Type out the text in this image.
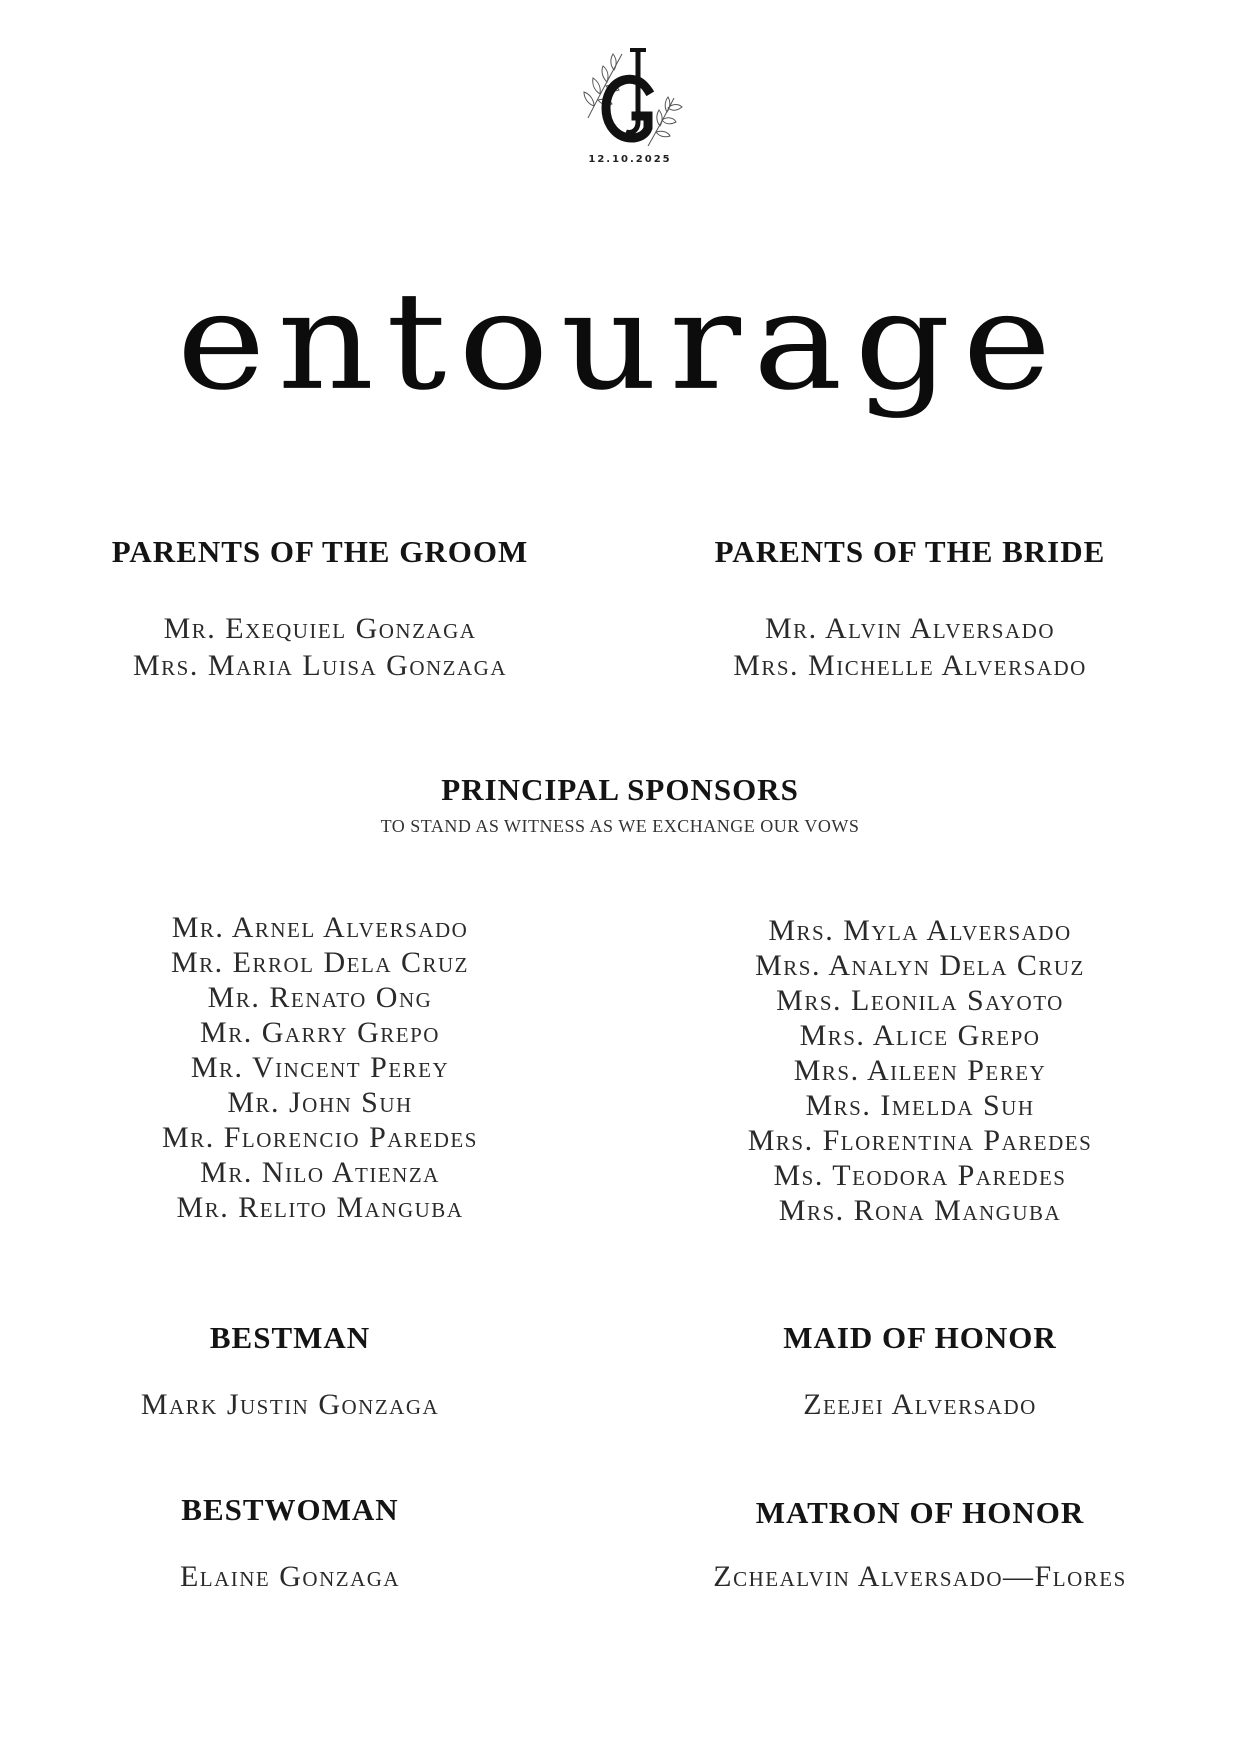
12.10.2025
entourage
PARENTS OF THE GROOM
Mr. Exequiel Gonzaga
Mrs. Maria Luisa Gonzaga
PARENTS OF THE BRIDE
Mr. Alvin Alversado
Mrs. Michelle Alversado
PRINCIPAL SPONSORS
TO STAND AS WITNESS AS WE EXCHANGE OUR VOWS
Mr. Arnel Alversado
Mr. Errol Dela Cruz
Mr. Renato Ong
Mr. Garry Grepo
Mr. Vincent Perey
Mr. John Suh
Mr. Florencio Paredes
Mr. Nilo Atienza
Mr. Relito Manguba
Mrs. Myla Alversado
Mrs. Analyn Dela Cruz
Mrs. Leonila Sayoto
Mrs. Alice Grepo
Mrs. Aileen Perey
Mrs. Imelda Suh
Mrs. Florentina Paredes
Ms. Teodora Paredes
Mrs. Rona Manguba
BESTMAN
Mark Justin Gonzaga
MAID OF HONOR
Zeejei Alversado
BESTWOMAN
Elaine Gonzaga
MATRON OF HONOR
Zchealvin Alversado—Flores
